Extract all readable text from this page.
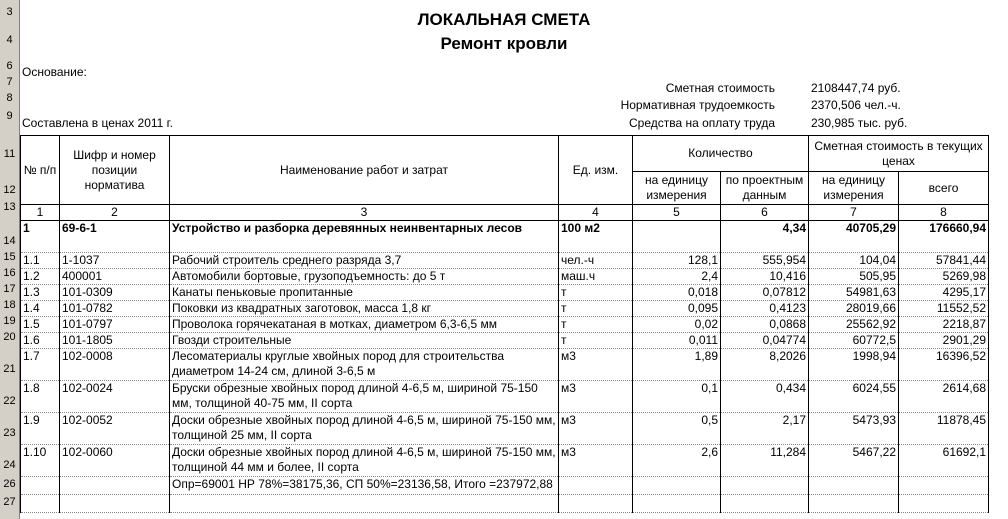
3
4
6
7
8
9
11
12
13
14
15
16
17
18
19
20
21
22
23
24
26
27
ЛОКАЛЬНАЯ СМЕТА
Ремонт кровли
Основание:
Составлена в ценах 2011 г.
Сметная стоимость	2108447,74 руб.
Нормативная трудоемкость	2370,506 чел.-ч.
Средства на оплату труда	230,985 тыс. руб.
№ п/п	Шифр и номер позиции норматива	Наименование работ и затрат	Ед. изм.	Количество		Сметная стоимость в текущих ценах	
				на единицу измерения	по проектным данным	на единицу измерения	всего
1	2	3	4	5	6	7	8
1	69-6-1	Устройство и разборка деревянных неинвентарных лесов	100 м2		4,34	40705,29	176660,94
1.1	1-1037	Рабочий строитель среднего разряда 3,7	чел.-ч	128,1	555,954	104,04	57841,44
1.2	400001	Автомобили бортовые, грузоподъемность: до 5 т	маш.ч	2,4	10,416	505,95	5269,98
1.3	101-0309	Канаты пеньковые пропитанные	т	0,018	0,07812	54981,63	4295,17
1.4	101-0782	Поковки из квадратных заготовок, масса 1,8 кг	т	0,095	0,4123	28019,66	11552,52
1.5	101-0797	Проволока горячекатаная в мотках, диаметром 6,3-6,5 мм	т	0,02	0,0868	25562,92	2218,87
1.6	101-1805	Гвозди строительные	т	0,011	0,04774	60772,5	2901,29
1.7	102-0008	Лесоматериалы круглые хвойных пород для строительства диаметром 14-24 см, длиной 3-6,5 м	м3	1,89	8,2026	1998,94	16396,52
1.8	102-0024	Бруски обрезные хвойных пород длиной 4-6,5 м, шириной 75-150 мм, толщиной 40-75 мм, II сорта	м3	0,1	0,434	6024,55	2614,68
1.9	102-0052	Доски обрезные хвойных пород длиной 4-6,5 м, шириной 75-150 мм, толщиной 25 мм, II сорта	м3	0,5	2,17	5473,93	11878,45
1.10	102-0060	Доски обрезные хвойных пород длиной 4-6,5 м, шириной 75-150 мм, толщиной 44 мм и более, II сорта	м3	2,6	11,284	5467,22	61692,1
		Опр=69001 НР 78%=38175,36, СП 50%=23136,58, Итого =237972,88					
